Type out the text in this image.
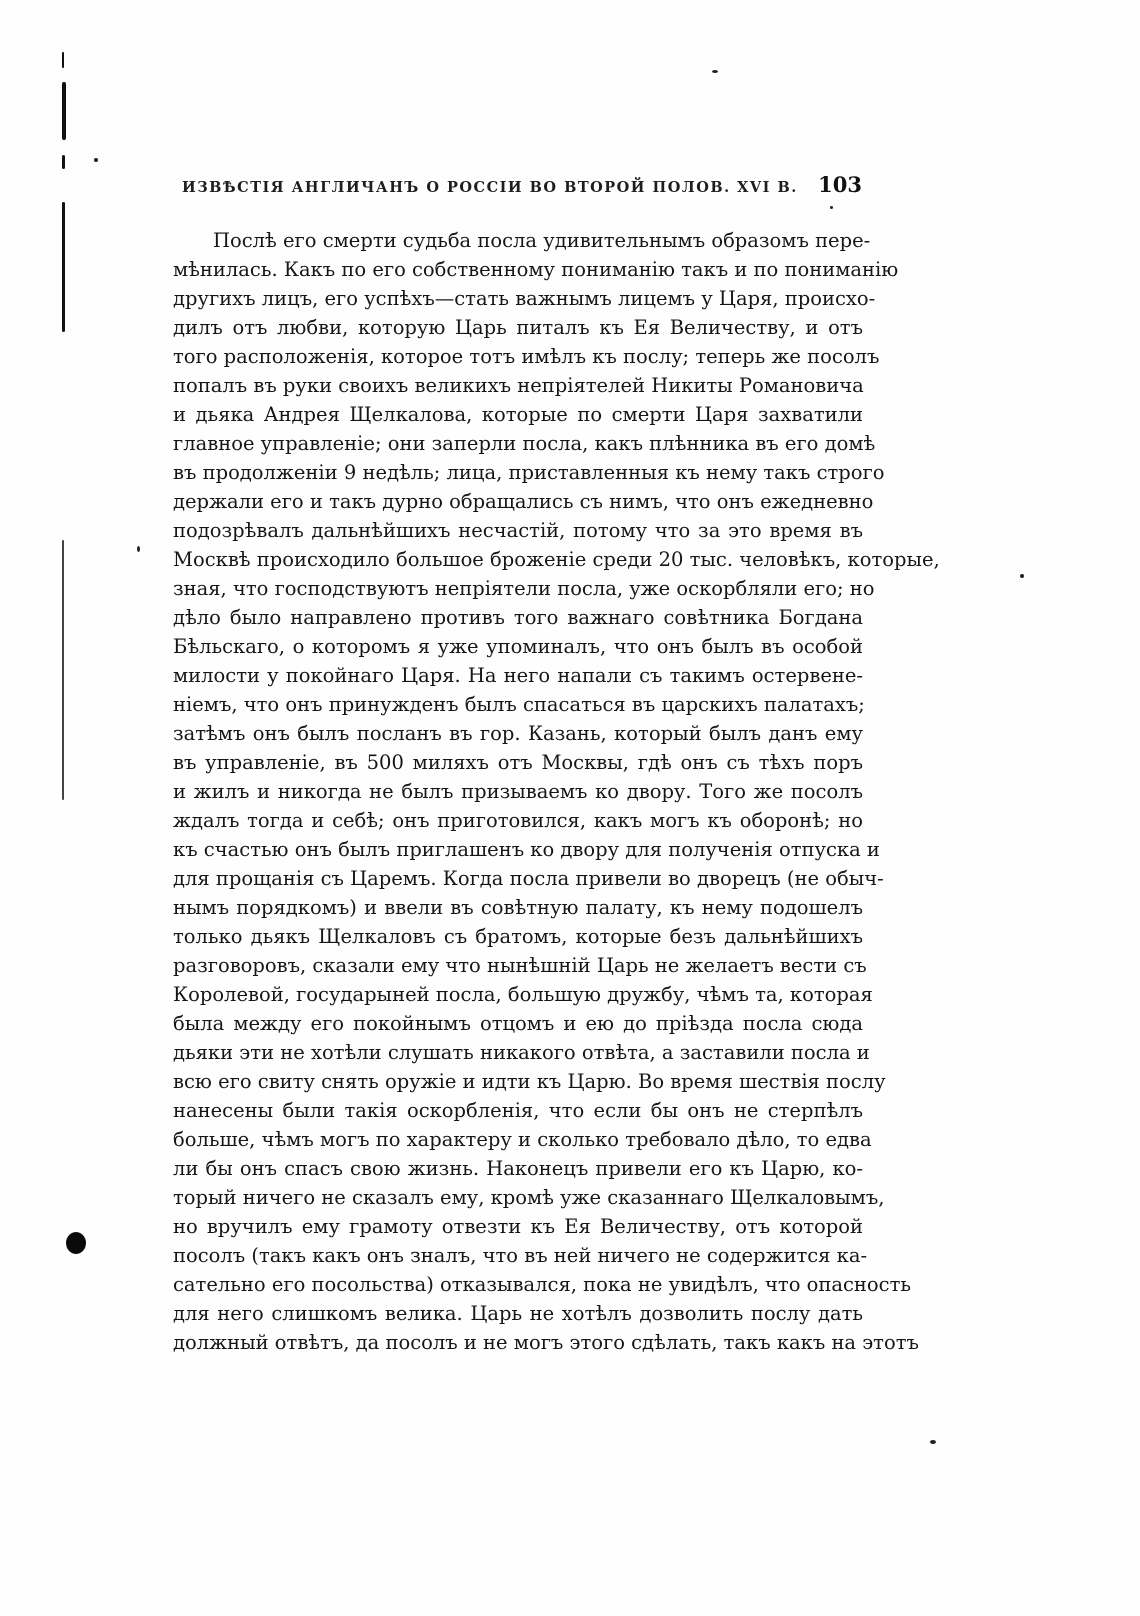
ИЗВѢСТІЯ АНГЛИЧАНЪ О РОССІИ ВО ВТОРОЙ ПОЛОВ. XVI В. 103
Послѣ его смерти судьба посла удивительнымъ образомъ пере-
мѣнилась. Какъ по его собственному пониманію такъ и по пониманію
другихъ лицъ, его успѣхъ—стать важнымъ лицемъ у Царя, происхо-
дилъ отъ любви, которую Царь питалъ къ Ея Величеству, и отъ
того расположенія, которое тотъ имѣлъ къ послу; теперь же посолъ
попалъ въ руки своихъ великихъ непріятелей Никиты Романовича
и дьяка Андрея Щелкалова, которые по смерти Царя захватили
главное управленіе; они заперли посла, какъ плѣнника въ его домѣ
въ продолженіи 9 недѣль; лица, приставленныя къ нему такъ строго
держали его и такъ дурно обращались съ нимъ, что онъ ежедневно
подозрѣвалъ дальнѣйшихъ несчастій, потому что за это время въ
Москвѣ происходило большое броженіе среди 20 тыс. человѣкъ, которые,
зная, что господствуютъ непріятели посла, уже оскорбляли его; но
дѣло было направлено противъ того важнаго совѣтника Богдана
Бѣльскаго, о которомъ я уже упоминалъ, что онъ былъ въ особой
милости у покойнаго Царя. На него напали съ такимъ остервене-
ніемъ, что онъ принужденъ былъ спасаться въ царскихъ палатахъ;
затѣмъ онъ былъ посланъ въ гор. Казань, который былъ данъ ему
въ управленіе, въ 500 миляхъ отъ Москвы, гдѣ онъ съ тѣхъ поръ
и жилъ и никогда не былъ призываемъ ко двору. Того же посолъ
ждалъ тогда и себѣ; онъ приготовился, какъ могъ къ оборонѣ; но
къ счастью онъ былъ приглашенъ ко двору для полученія отпуска и
для прощанія съ Царемъ. Когда посла привели во дворецъ (не обыч-
нымъ порядкомъ) и ввели въ совѣтную палату, къ нему подошелъ
только дьякъ Щелкаловъ съ братомъ, которые безъ дальнѣйшихъ
разговоровъ, сказали ему что нынѣшній Царь не желаетъ вести съ
Королевой, государыней посла, большую дружбу, чѣмъ та, которая
была между его покойнымъ отцомъ и ею до пріѣзда посла сюда
дьяки эти не хотѣли слушать никакого отвѣта, а заставили посла и
всю его свиту снять оружіе и идти къ Царю. Во время шествія послу
нанесены были такія оскорбленія, что если бы онъ не стерпѣлъ
больше, чѣмъ могъ по характеру и сколько требовало дѣло, то едва
ли бы онъ спасъ свою жизнь. Наконецъ привели его къ Царю, ко-
торый ничего не сказалъ ему, кромѣ уже сказаннаго Щелкаловымъ,
но вручилъ ему грамоту отвезти къ Ея Величеству, отъ которой
посолъ (такъ какъ онъ зналъ, что въ ней ничего не содержится ка-
сательно его посольства) отказывался, пока не увидѣлъ, что опасность
для него слишкомъ велика. Царь не хотѣлъ дозволить послу дать
должный отвѣтъ, да посолъ и не могъ этого сдѣлать, такъ какъ на этотъ
